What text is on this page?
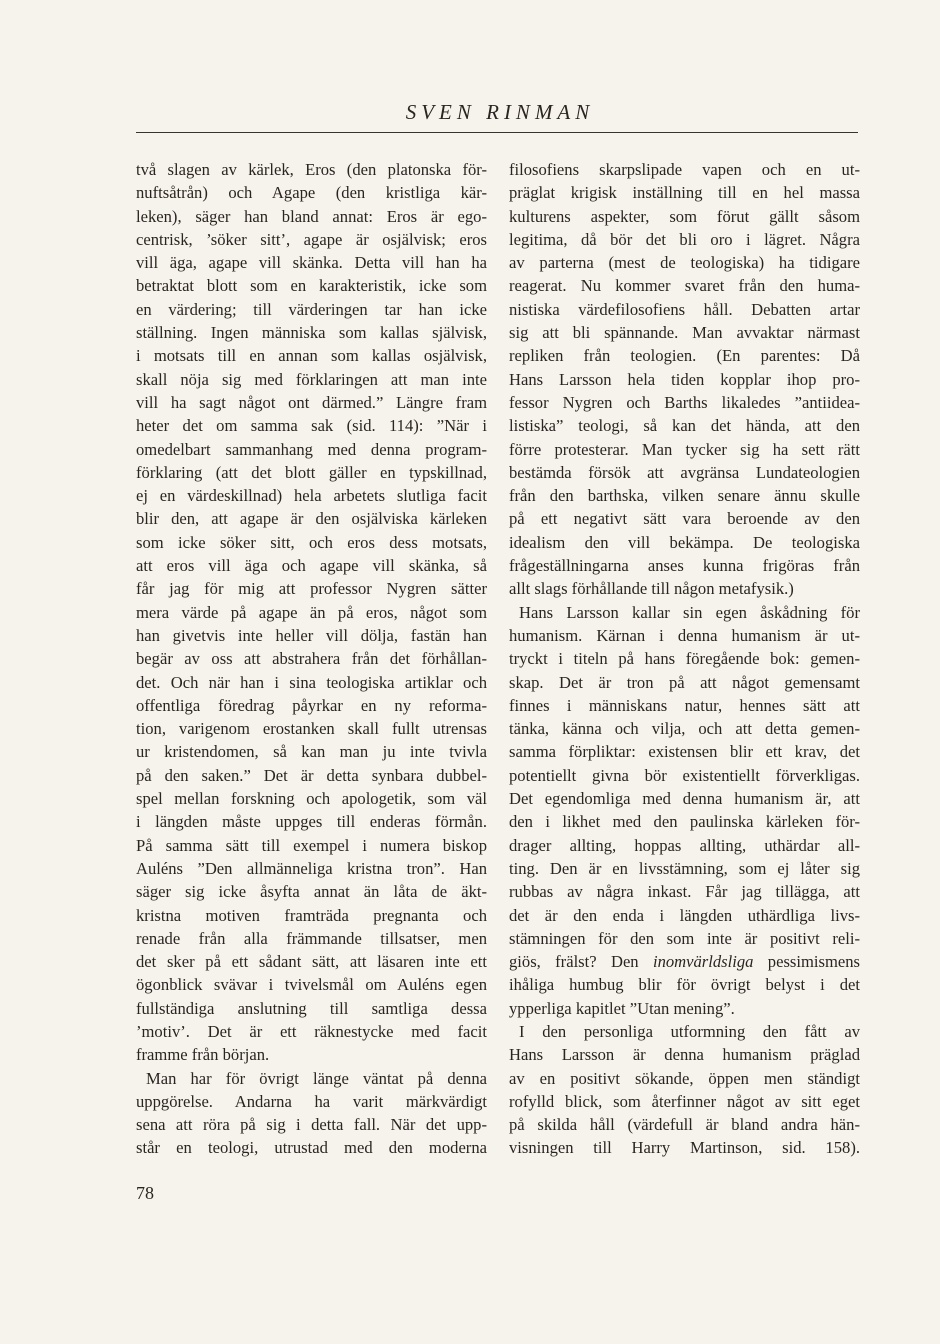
SVEN RINMAN
två slagen av kärlek, Eros (den platonska för-
nuftsåtrån) och Agape (den kristliga kär-
leken), säger han bland annat: Eros är ego-
centrisk, ’söker sitt’, agape är osjälvisk; eros
vill äga, agape vill skänka. Detta vill han ha
betraktat blott som en karakteristik, icke som
en värdering; till värderingen tar han icke
ställning. Ingen människa som kallas självisk,
i motsats till en annan som kallas osjälvisk,
skall nöja sig med förklaringen att man inte
vill ha sagt något ont därmed.” Längre fram
heter det om samma sak (sid. 114): ”När i
omedelbart sammanhang med denna program-
förklaring (att det blott gäller en typskillnad,
ej en värdeskillnad) hela arbetets slutliga facit
blir den, att agape är den osjälviska kärleken
som icke söker sitt, och eros dess motsats,
att eros vill äga och agape vill skänka, så
får jag för mig att professor Nygren sätter
mera värde på agape än på eros, något som
han givetvis inte heller vill dölja, fastän han
begär av oss att abstrahera från det förhållan-
det. Och när han i sina teologiska artiklar och
offentliga föredrag påyrkar en ny reforma-
tion, varigenom erostanken skall fullt utrensas
ur kristendomen, så kan man ju inte tvivla
på den saken.” Det är detta synbara dubbel-
spel mellan forskning och apologetik, som väl
i längden måste uppges till enderas förmån.
På samma sätt till exempel i numera biskop
Auléns ”Den allmänneliga kristna tron”. Han
säger sig icke åsyfta annat än låta de äkt-
kristna motiven framträda pregnanta och
renade från alla främmande tillsatser, men
det sker på ett sådant sätt, att läsaren inte ett
ögonblick svävar i tvivelsmål om Auléns egen
fullständiga anslutning till samtliga dessa
’motiv’. Det är ett räknestycke med facit
framme från början.
Man har för övrigt länge väntat på denna
uppgörelse. Andarna ha varit märkvärdigt
sena att röra på sig i detta fall. När det upp-
står en teologi, utrustad med den moderna
filosofiens skarpslipade vapen och en ut-
präglat krigisk inställning till en hel massa
kulturens aspekter, som förut gällt såsom
legitima, då bör det bli oro i lägret. Några
av parterna (mest de teologiska) ha tidigare
reagerat. Nu kommer svaret från den huma-
nistiska värdefilosofiens håll. Debatten artar
sig att bli spännande. Man avvaktar närmast
repliken från teologien. (En parentes: Då
Hans Larsson hela tiden kopplar ihop pro-
fessor Nygren och Barths likaledes ”antiidea-
listiska” teologi, så kan det hända, att den
förre protesterar. Man tycker sig ha sett rätt
bestämda försök att avgränsa Lundateologien
från den barthska, vilken senare ännu skulle
på ett negativt sätt vara beroende av den
idealism den vill bekämpa. De teologiska
frågeställningarna anses kunna frigöras från
allt slags förhållande till någon metafysik.)
Hans Larsson kallar sin egen åskådning för
humanism. Kärnan i denna humanism är ut-
tryckt i titeln på hans föregående bok: gemen-
skap. Det är tron på att något gemensamt
finnes i människans natur, hennes sätt att
tänka, känna och vilja, och att detta gemen-
samma förpliktar: existensen blir ett krav, det
potentiellt givna bör existentiellt förverkligas.
Det egendomliga med denna humanism är, att
den i likhet med den paulinska kärleken för-
drager allting, hoppas allting, uthärdar all-
ting. Den är en livsstämning, som ej låter sig
rubbas av några inkast. Får jag tillägga, att
det är den enda i längden uthärdliga livs-
stämningen för den som inte är positivt reli-
giös, frälst? Den inomvärldsliga pessimismens
ihåliga humbug blir för övrigt belyst i det
ypperliga kapitlet ”Utan mening”.
I den personliga utformning den fått av
Hans Larsson är denna humanism präglad
av en positivt sökande, öppen men ständigt
rofylld blick, som återfinner något av sitt eget
på skilda håll (värdefull är bland andra hän-
visningen till Harry Martinson, sid. 158).
78
